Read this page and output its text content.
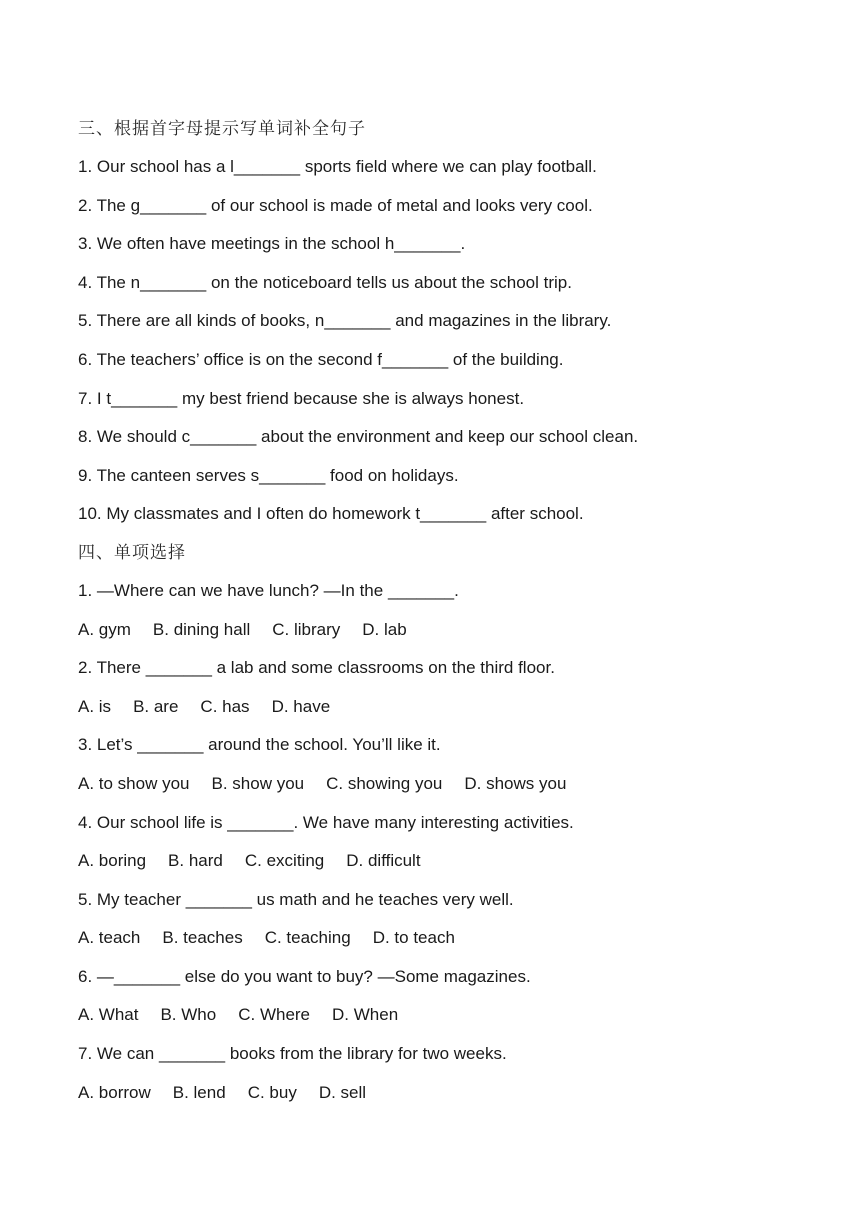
三、根据首字母提示写单词补全句子
1. Our school has a l_______ sports field where we can play football.
2. The g_______ of our school is made of metal and looks very cool.
3. We often have meetings in the school h_______.
4. The n_______ on the noticeboard tells us about the school trip.
5. There are all kinds of books, n_______ and magazines in the library.
6. The teachers’ office is on the second f_______ of the building.
7. I t_______ my best friend because she is always honest.
8. We should c_______ about the environment and keep our school clean.
9. The canteen serves s_______ food on holidays.
10. My classmates and I often do homework t_______ after school.
四、单项选择
1. —Where can we have lunch? —In the _______.
A. gym B. dining hall C. library D. lab
2. There _______ a lab and some classrooms on the third floor.
A. is B. are C. has D. have
3. Let’s _______ around the school. You’ll like it.
A. to show you B. show you C. showing you D. shows you
4. Our school life is _______. We have many interesting activities.
A. boring B. hard C. exciting D. difficult
5. My teacher _______ us math and he teaches very well.
A. teach B. teaches C. teaching D. to teach
6. —_______ else do you want to buy? —Some magazines.
A. What B. Who C. Where D. When
7. We can _______ books from the library for two weeks.
A. borrow B. lend C. buy D. sell
